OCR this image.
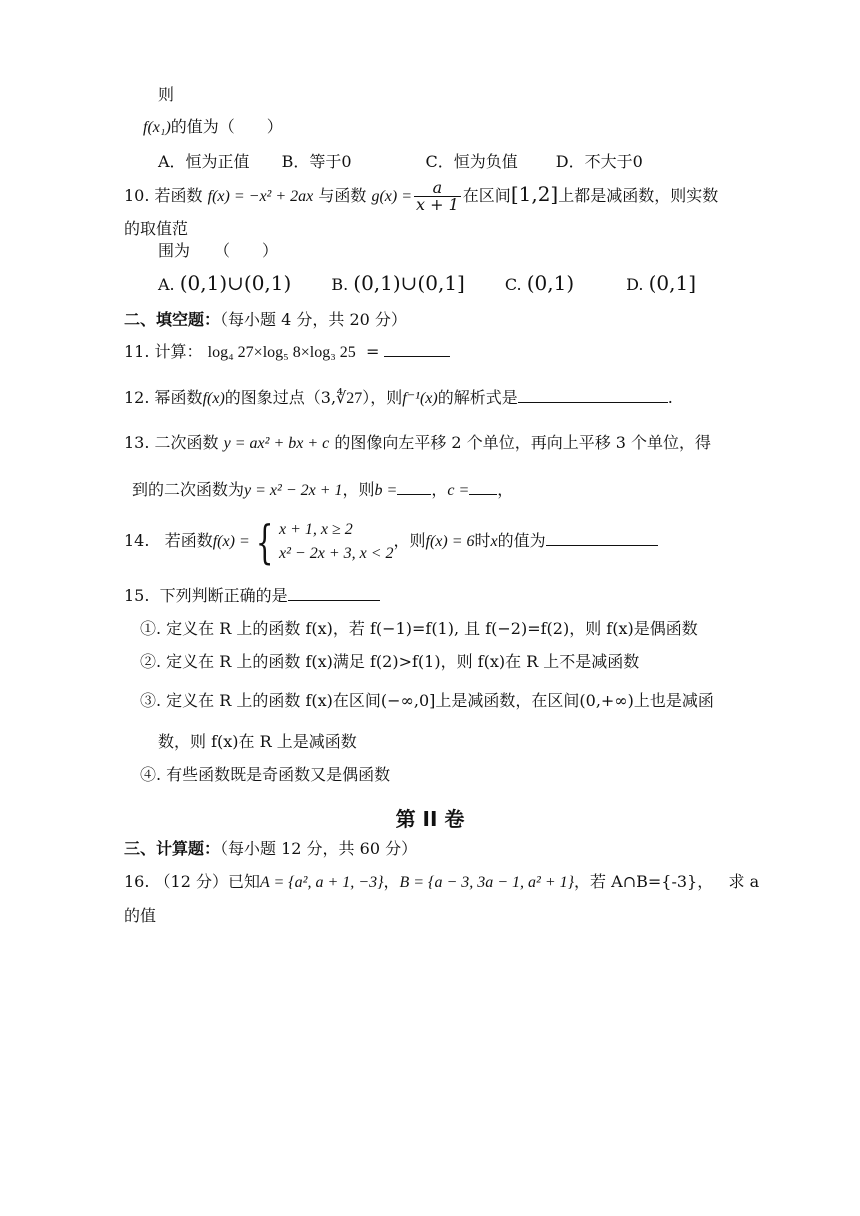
则
f(x₁)的值为（　　）
A．恒为正值 B．等于0	C．恒为负值 D．不大于0
10. 若函数 f(x) = −x² + 2ax 与函数 $g(x) = \frac{a}{x + 1}$ 在区间[1,2]上都是减函数，则实数
的取值范
围为　　（　　）
A. (0,1)∪(0,1)	B. (0,1)∪(0,1]	C. (0,1)	D. (0,1]
二、填空题：（每小题 4 分，共 20 分）
11. 计算： log₄ 27×log₅ 8×log₃ 25 =
12. 幂函数f(x)的图象过点（3,∜27），则f⁻¹(x)的解析式是	.
13. 二次函数 y = ax² + bx + c 的图像向左平移 2 个单位，再向上平移 3 个单位，得
到的二次函数为y = x² − 2x + 1，则b = ，c = ，
14. 若函数f(x) = { x + 1, x ≥ 2
x² − 2x + 3, x < 2
，则f(x) = 6时x的值为
15. 下列判断正确的是
①. 定义在 R 上的函数 f(x)，若 f(−1)=f(1), 且 f(−2)=f(2)，则 f(x)是偶函数
②. 定义在 R 上的函数 f(x)满足 f(2)>f(1)，则 f(x)在 R 上不是减函数
③. 定义在 R 上的函数 f(x)在区间(−∞,0]上是减函数，在区间(0,+∞)上也是减函
数，则 f(x)在 R 上是减函数
④. 有些函数既是奇函数又是偶函数
第 II 卷
三、计算题：（每小题 12 分，共 60 分）
16. （12 分）已知A = {a², a + 1, −3}，B = {a − 3, 3a − 1, a² + 1}，若 A∩B={-3}， 求 a
的值
